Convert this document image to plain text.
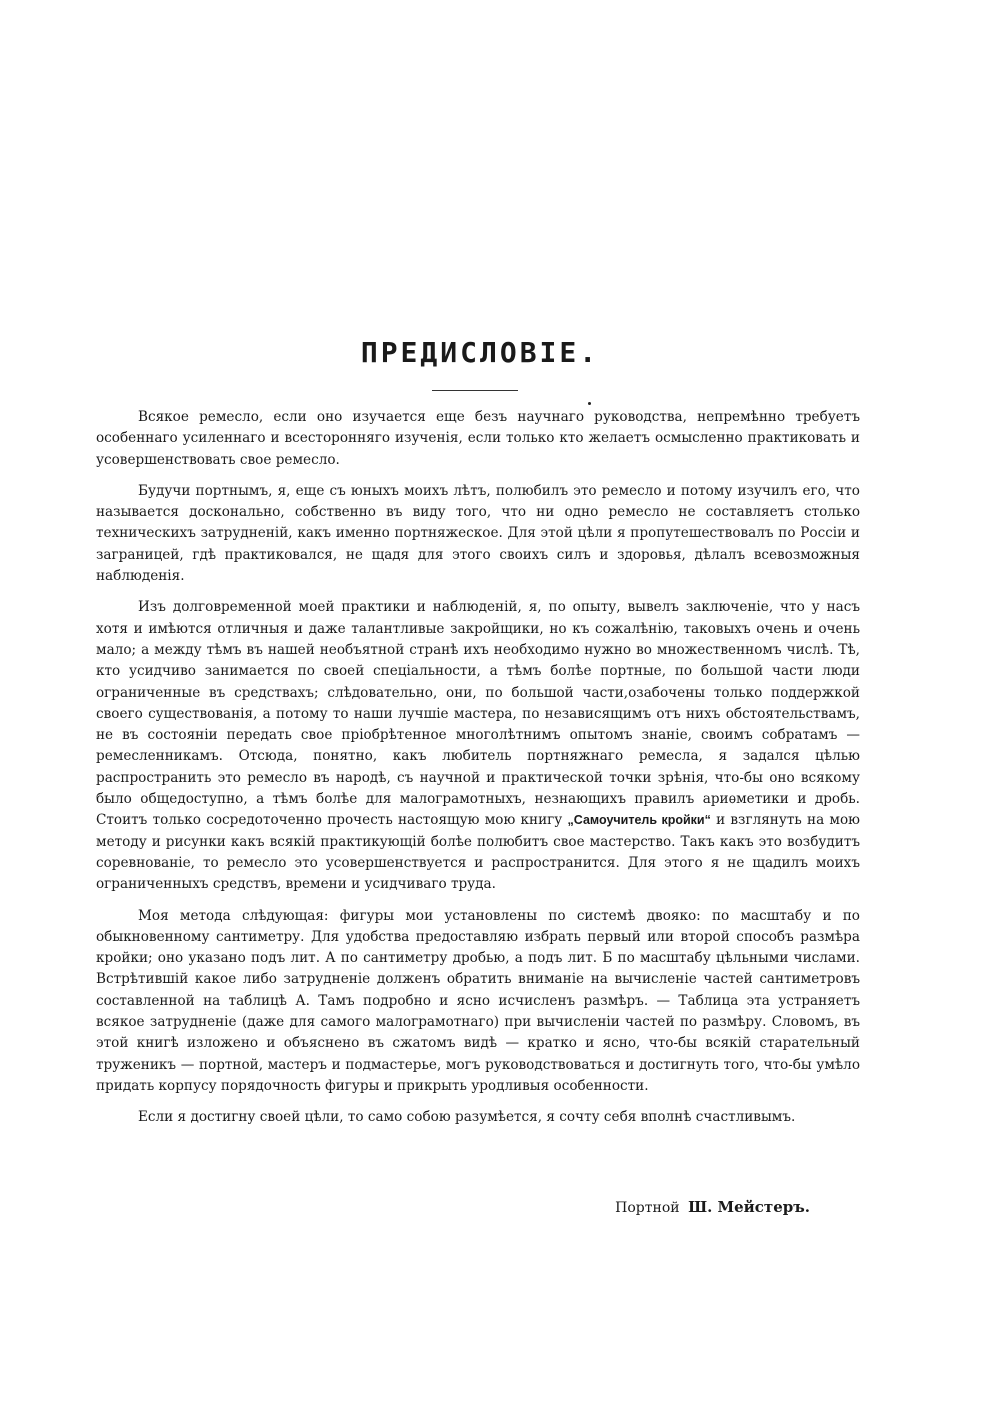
ПРЕДИСЛОВІЕ.

Всякое ремесло, если оно изучается еще безъ научнаго руководства, непремѣнно требуетъ особеннаго усиленнаго и всесторонняго изученія, если только кто желаетъ осмысленно практиковать и усовершенствовать свое ремесло.

Будучи портнымъ, я, еще съ юныхъ моихъ лѣтъ, полюбилъ это ремесло и потому изучилъ его, что называется досконально, собственно въ виду того, что ни одно ремесло не составляетъ столько техническихъ затрудненій, какъ именно портняжеское. Для этой цѣли я пропутешествовалъ по Россіи и заграницей, гдѣ практиковался, не щадя для этого своихъ силъ и здоровья, дѣлалъ всевозможныя наблюденія.

Изъ долговременной моей практики и наблюденій, я, по опыту, вывелъ заключеніе, что у насъ хотя и имѣются отличныя и даже талантливые закройщики, но къ сожалѣнію, таковыхъ очень и очень мало; а между тѣмъ въ нашей необъятной странѣ ихъ необходимо нужно во множественномъ числѣ. Тѣ, кто усидчиво занимается по своей спеціальности, а тѣмъ болѣе портные, по большой части люди ограниченные въ средствахъ; слѣдовательно, они, по большой части,озабочены только поддержкой своего существованія, а потому то наши лучшіе мастера, по независящимъ отъ нихъ обстоятельствамъ, не въ состояніи передать свое пріобрѣтенное многолѣтнимъ опытомъ знаніе, своимъ собратамъ — ремесленникамъ. Отсюда, понятно, какъ любитель портняжнаго ремесла, я задался цѣлью распространить это ремесло въ народѣ, съ научной и практической точки зрѣнія, что-бы оно всякому было общедоступно, а тѣмъ болѣе для малограмотныхъ, незнающихъ правилъ ариѳметики и дробь. Стоитъ только сосредоточенно прочесть настоящую мою книгу „Самоучитель кройки“ и взглянуть на мою методу и рисунки какъ всякій практикующій болѣе полюбитъ свое мастерство. Такъ какъ это возбудитъ соревнованіе, то ремесло это усовершенствуется и распространится. Для этого я не щадилъ моихъ ограниченныхъ средствъ, времени и усидчиваго труда.

Моя метода слѣдующая: фигуры мои установлены по системѣ двояко: по масштабу и по обыкновенному сантиметру. Для удобства предоставляю избрать первый или второй способъ размѣра кройки; оно указано подъ лит. А по сантиметру дробью, а подъ лит. Б по масштабу цѣльными числами. Встрѣтившій какое либо затрудненіе долженъ обратить вниманіе на вычисленіе частей сантиметровъ составленной на таблицѣ А. Тамъ подробно и ясно исчисленъ размѣръ. — Таблица эта устраняетъ всякое затрудненіе (даже для самого малограмотнаго) при вычисленіи частей по размѣру. Словомъ, въ этой книгѣ изложено и объяснено въ сжатомъ видѣ — кратко и ясно, что-бы всякій старательный труженикъ — портной, мастеръ и подмастерье, могъ руководствоваться и достигнуть того, что-бы умѣло придать корпусу порядочность фигуры и прикрыть уродливыя особенности.

Если я достигну своей цѣли, то само собою разумѣется, я сочту себя вполнѣ счастливымъ.

Портной Ш. Мейстеръ.
